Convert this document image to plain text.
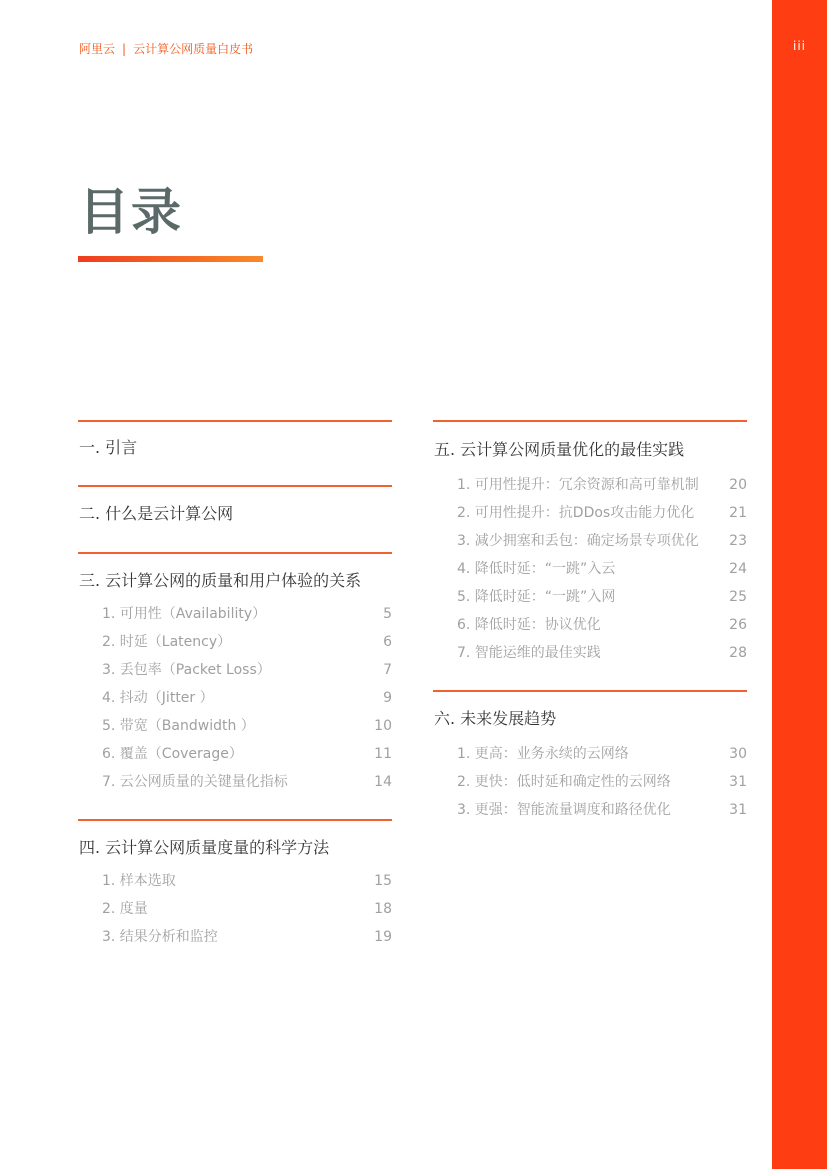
阿里云 | 云计算公网质量白皮书	iii
目录
一. 引言
二. 什么是云计算公网
三. 云计算公网的质量和用户体验的关系
1. 可用性（Availability）	5
2. 时延（Latency）	6
3. 丢包率（Packet Loss）	7
4. 抖动（Jitter ）	9
5. 带宽（Bandwidth ）	10
6. 覆盖（Coverage）	11
7. 云公网质量的关键量化指标	14
四. 云计算公网质量度量的科学方法
1. 样本选取	15
2. 度量	18
3. 结果分析和监控	19
五. 云计算公网质量优化的最佳实践
1. 可用性提升：冗余资源和高可靠机制 20
2. 可用性提升：抗DDos攻击能力优化 21
3. 减少拥塞和丢包：确定场景专项优化 23
4. 降低时延：“一跳”入云	24
5. 降低时延：“一跳”入网	25
6. 降低时延：协议优化	26
7. 智能运维的最佳实践	28
六. 未来发展趋势
1. 更高：业务永续的云网络	30
2. 更快：低时延和确定性的云网络	31
3. 更强：智能流量调度和路径优化	31
